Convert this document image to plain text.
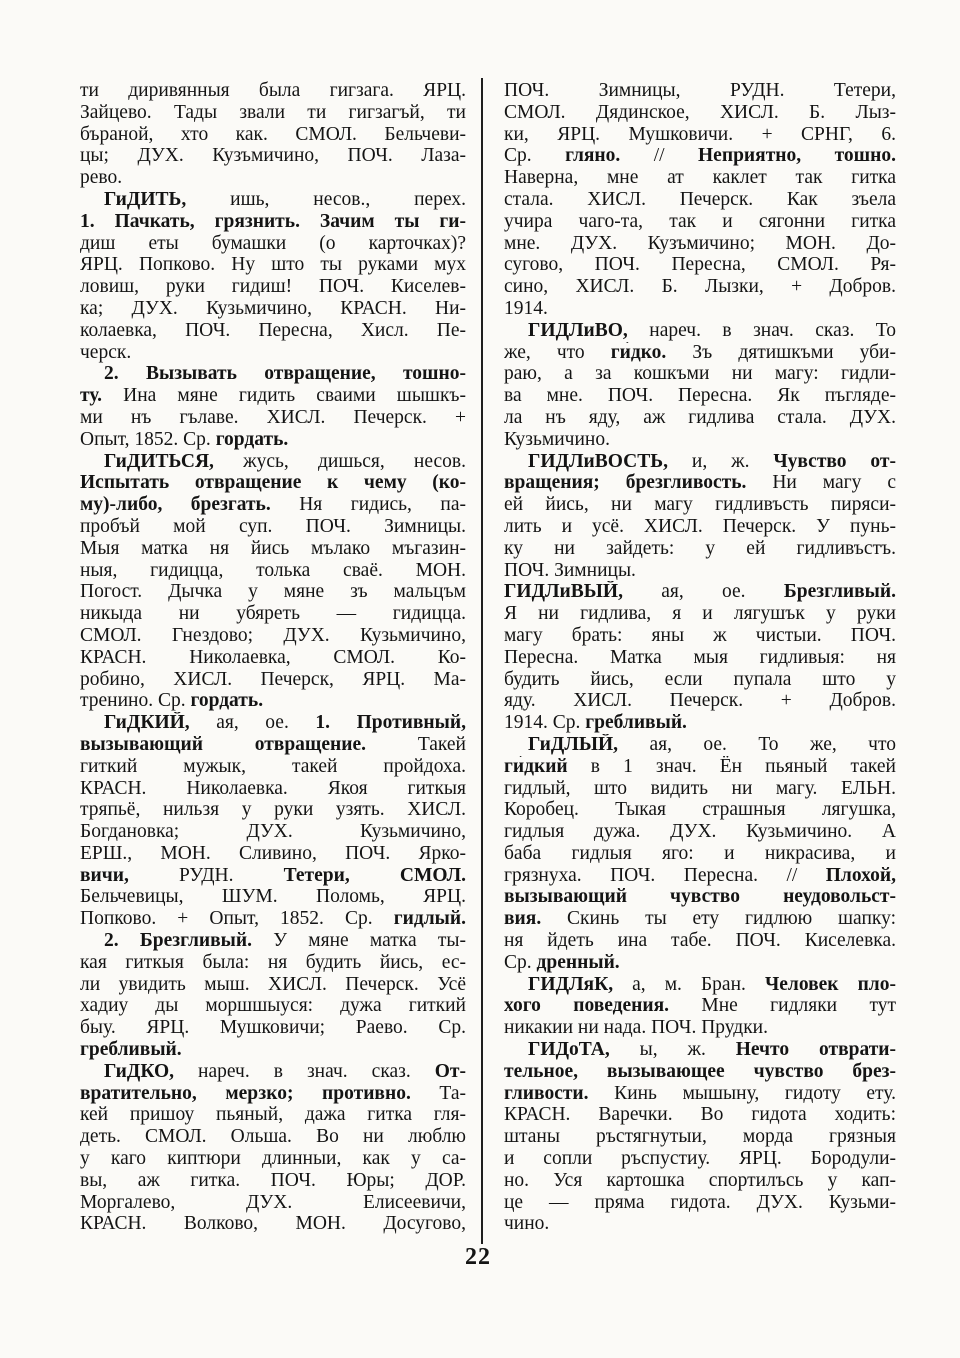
ти диривянныя была гигзага. ЯРЦ.
Зайцево. Тады звали ти гигзагъй, ти
бъраной, хто как. СМОЛ. Бельчеви-
цы; ДУХ. Кузъмичино, ПОЧ. Лаза-
рево.
ГиДИТЬ, ишь, несов., перех.
1. Пачкать, грязнить. Зачим ты ги-
диш еты бумашки (о карточках)?
ЯРЦ. Попково. Ну што ты руками мух
ловиш, руки гидиш! ПОЧ. Киселев-
ка; ДУХ. Кузьмичино, КРАСН. Ни-
колаевка, ПОЧ. Пересна, Хисл. Пе-
черск.
2. Вызывать отвращение, тошно-
ту. Ина мяне гидить сваими шышкъ-
ми нъ гълаве. ХИСЛ. Печерск. +
Опыт, 1852. Ср. гордать.
ГиДИТЬСЯ, жусь, дишься, несов.
Испытать отвращение к чему (ко-
му)-либо, брезгать. Ня гидись, па-
пробъй мой суп. ПОЧ. Зимницы.
Мыя матка ня йись мълако мъгазин-
ныя, гидицца, толька сваё. МОН.
Погост. Дычка у мяне зъ мальцъм
никыда ни убяреть — гидицца.
СМОЛ. Гнездово; ДУХ. Кузьмичино,
КРАСН. Николаевка, СМОЛ. Ко-
робино, ХИСЛ. Печерск, ЯРЦ. Ма-
тренино. Ср. гордать.
ГиДКИЙ, ая, ое. 1. Противный,
вызывающий отвращение. Такей
гиткий мужык, такей пройдоха.
КРАСН. Николаевка. Якоя гиткыя
тряпьё, нильзя у руки узять. ХИСЛ.
Богдановка; ДУХ. Кузьмичино,
ЕРШ., МОН. Сливино, ПОЧ. Ярко-
вичи, РУДН. Тетери,	СМОЛ.
Бельчевицы, ШУМ. Поломь, ЯРЦ.
Попково. + Опыт, 1852. Ср. гидлый.
2. Брезгливый. У мяне матка ты-
кая гиткыя была: ня будить йись, ес-
ли увидить мыш. ХИСЛ. Печерск. Усё
хадиу ды моршшыуся: дужа гиткий
быу. ЯРЦ. Мушковичи; Раево. Ср.
гребливый.
ГиДКО, нареч. в знач. сказ. От-
вратительно, мерзко; противно. Та-
кей пришоу пьяный, дажа гитка гля-
деть. СМОЛ. Ольша. Во ни люблю
у каго киптюри длинныи, как у са-
вы, аж гитка. ПОЧ. Юры; ДОР.
Моргалево, ДУХ. Елисеевичи,
КРАСН. Волково, МОН. Досугово,
ПОЧ. Зимницы, РУДН. Тетери,
СМОЛ. Дядинское, ХИСЛ. Б. Лыз-
ки, ЯРЦ. Мушковичи. + СРНГ, 6.
Ср. гляно. // Неприятно, тошно.
Наверна, мне ат каклет так гитка
стала. ХИСЛ. Печерск. Как зъела
учира чаго-та, так и сягонни гитка
мне. ДУХ. Кузъмичино; МОН. До-
сугово, ПОЧ. Пересна, СМОЛ. Ря-
сино, ХИСЛ. Б. Лызки, + Добров.
1914.
ГИДЛиВО, нареч. в знач. сказ. То
же, что ги́дко. Зъ дятишкъми уби-
раю, а за кошкъми ни магу: гидли-
ва мне. ПОЧ. Пересна. Як пъгляде-
ла нъ яду, аж гидлива стала. ДУХ.
Кузьмичино.
ГИДЛиВОСТЬ, и, ж. Чувство от-
вращения; брезгливость. Ни магу с
ей йись, ни магу гидливъсть пиряси-
лить и усё. ХИСЛ. Печерск. У пунь-
ку ни зайдеть: у ей гидливъстъ.
ПОЧ. Зимницы.
ГИДЛиВЫЙ, ая, ое. Брезгливый.
Я ни гидлива, я и лягушък у руки
магу брать: яны ж чистыи. ПОЧ.
Пересна. Матка мыя гидливыя: ня
будить йись, если пупала што у
яду. ХИСЛ. Печерск. + Добров.
1914. Ср. гребливый.
ГиДЛЫЙ, ая, ое. То же, что
ги́дкий в 1 знач. Ён пьяный такей
гидлый, што видить ни магу. ЕЛЬН.
Коробец. Тыкая страшныя лягушка,
гидлыя дужа. ДУХ. Кузьмичино. А
баба гидлыя яго: и никрасива, и
грязнуха. ПОЧ. Пересна. // Плохой,
вызывающий чувство неудовольст-
вия. Скинь ты ету гидлюю шапку:
ня йдеть ина табе. ПОЧ. Киселевка.
Ср. дренный.
ГИДЛяК, а, м. Бран. Человек пло-
хого поведения. Мне гидляки тут
никакии ни нада. ПОЧ. Прудки.
ГИДоТА, ы, ж. Нечто отврати-
тельное, вызывающее чувство брез-
гливости. Кинь мышыну, гидоту ету.
КРАСН. Варечки. Во гидота ходить:
штаны ръстягнутыи, морда грязныя
и сопли ръспустиу. ЯРЦ. Бородули-
но. Уся картошка спортилъсь у кап-
це — пряма гидота. ДУХ. Кузьми-
чино.
22
